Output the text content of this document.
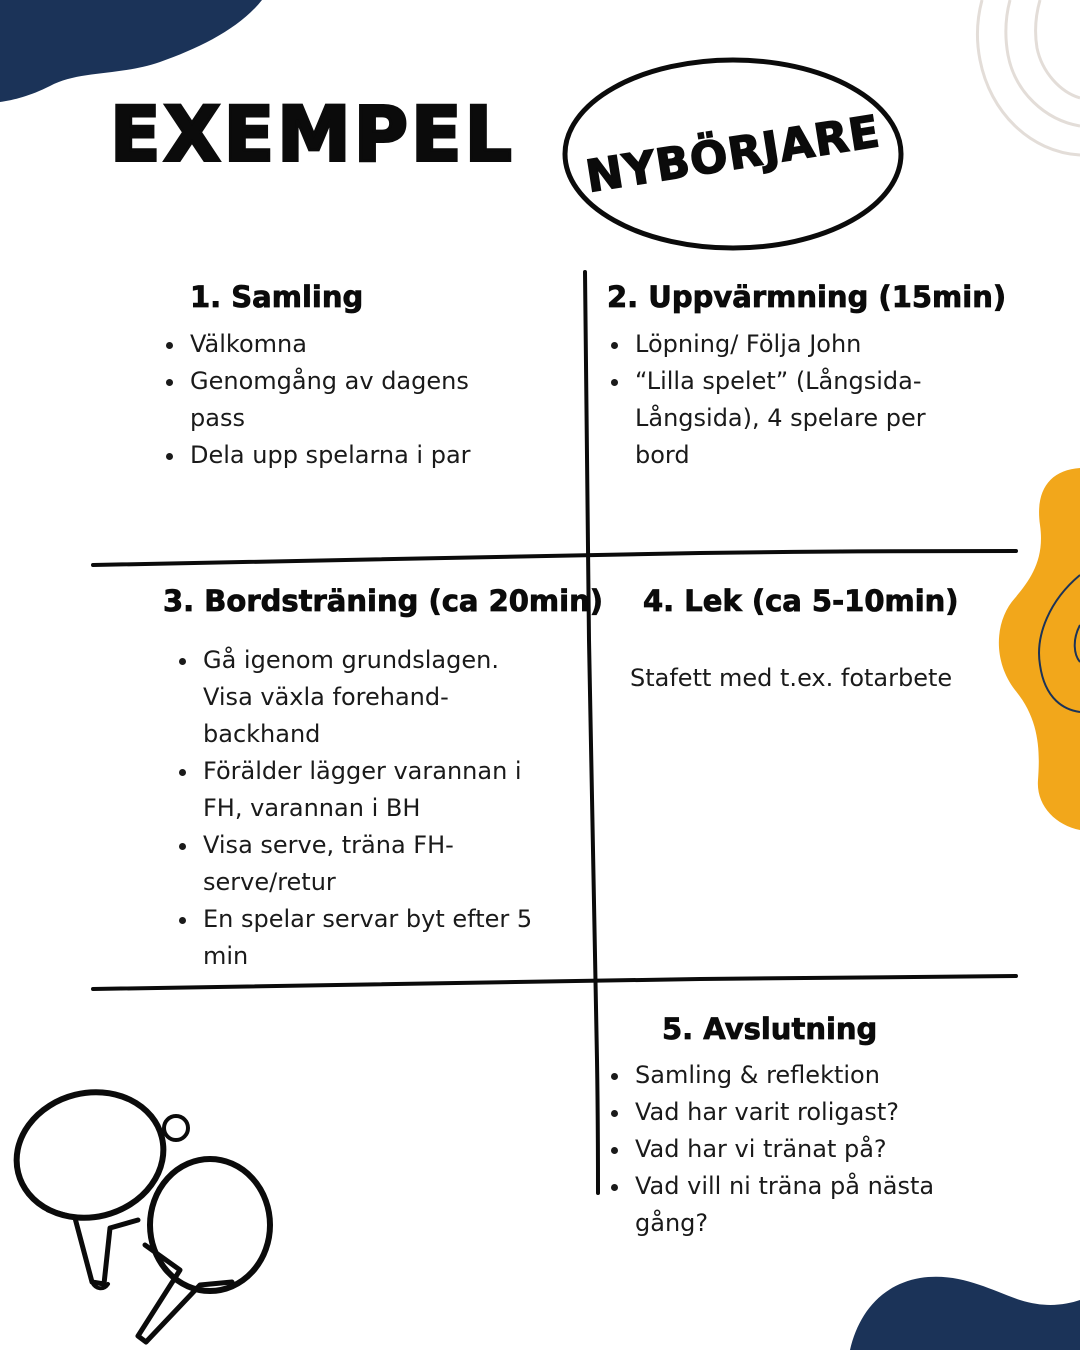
EXEMPEL	NYBÖRJARE
1. Samling
Välkomna
Genomgång av dagens pass
Dela upp spelarna i par
2. Uppvärmning (15min)
Löpning/ Följa John
“Lilla spelet” (Långsida-Långsida), 4 spelare per bord
3. Bordsträning (ca 20min)
Gå igenom grundslagen. Visa växla forehand-backhand
Förälder lägger varannan i FH, varannan i BH
Visa serve, träna FH-serve/retur
En spelar servar byt efter 5 min
4. Lek (ca 5-10min)
Stafett med t.ex. fotarbete
5. Avslutning
Samling & reflektion
Vad har varit roligast?
Vad har vi tränat på?
Vad vill ni träna på nästa gång?
